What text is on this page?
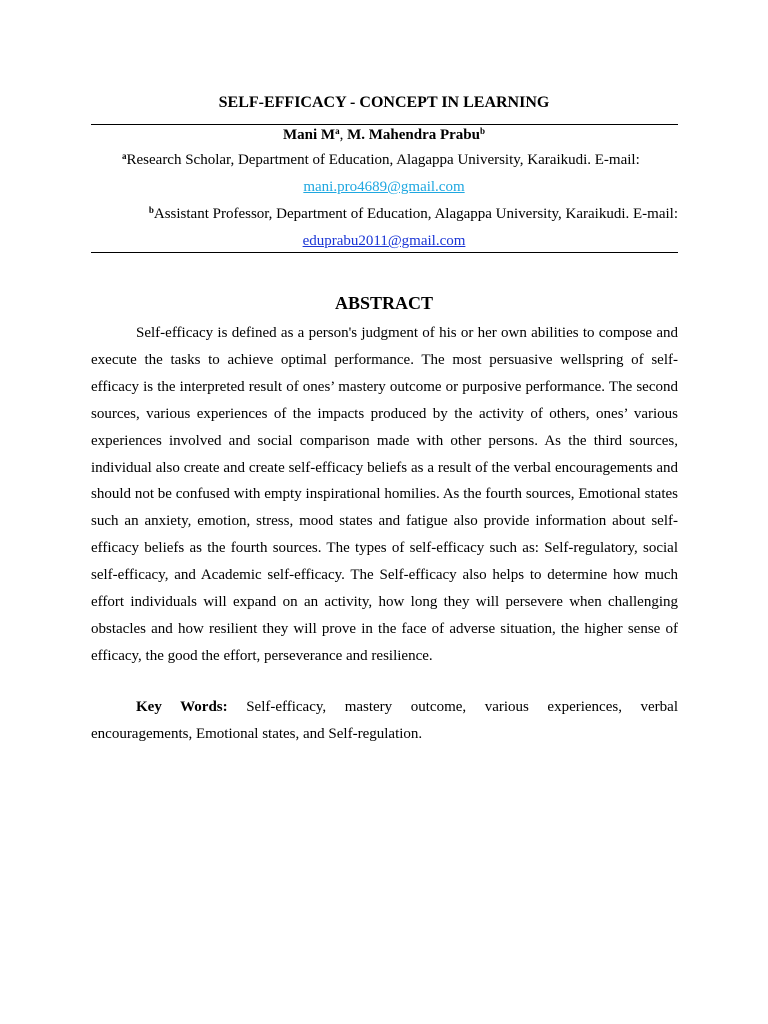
SELF-EFFICACY - CONCEPT IN LEARNING
Mani $M^a$, M. Mahendra Prabu$^b$
$^a$Research Scholar, Department of Education, Alagappa University, Karaikudi. E-mail:
mani.pro4689@gmail.com
$^b$Assistant Professor, Department of Education, Alagappa University, Karaikudi. E-mail:
eduprabu2011@gmail.com
ABSTRACT

Self-efficacy is defined as a person's judgment of his or her own abilities to compose and execute the tasks to achieve optimal performance. The most persuasive wellspring of self-efficacy is the interpreted result of ones’ mastery outcome or purposive performance. The second sources, various experiences of the impacts produced by the activity of others, ones’ various experiences involved and social comparison made with other persons. As the third sources, individual also create and create self-efficacy beliefs as a result of the verbal encouragements and should not be confused with empty inspirational homilies. As the fourth sources, Emotional states such an anxiety, emotion, stress, mood states and fatigue also provide information about self-efficacy beliefs as the fourth sources. The types of self-efficacy such as: Self-regulatory, social self-efficacy, and Academic self-efficacy. The Self-efficacy also helps to determine how much effort individuals will expand on an activity, how long they will persevere when challenging obstacles and how resilient they will prove in the face of adverse situation, the higher sense of efficacy, the good the effort, perseverance and resilience.

Key Words: Self-efficacy, mastery outcome, various experiences, verbal encouragements, Emotional states, and Self-regulation.
